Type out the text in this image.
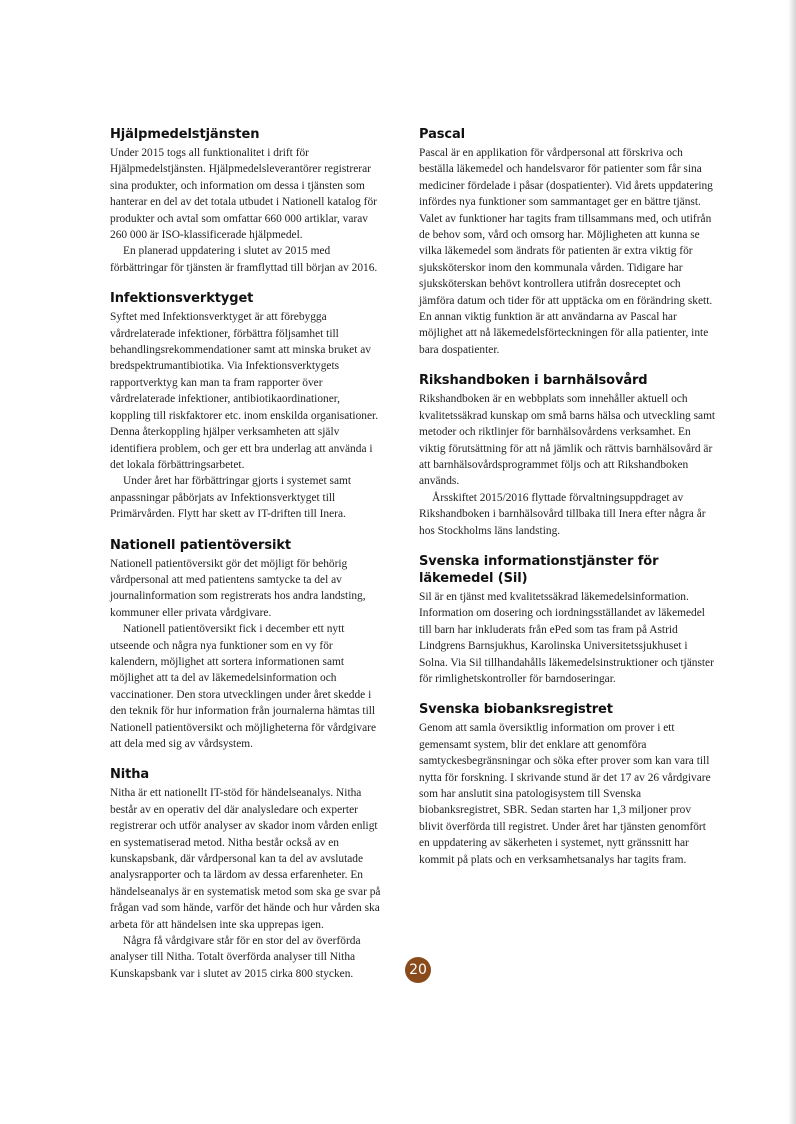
Hjälpmedelstjänsten

Under 2015 togs all funktionalitet i drift för Hjälpmedelstjänsten. Hjälpmedelsleverantörer registrerar sina produkter, och information om dessa i tjänsten som hanterar en del av det totala utbudet i Nationell katalog för produkter och avtal som omfattar 660 000 artiklar, varav 260 000 är ISO-klassificerade hjälpmedel.

En planerad uppdatering i slutet av 2015 med förbättringar för tjänsten är framflyttad till början av 2016.

Infektionsverktyget

Syftet med Infektionsverktyget är att förebygga vårdrelaterade infektioner, förbättra följsamhet till behandlingsrekommendationer samt att minska bruket av bredspektrumantibiotika. Via Infektionsverktygets rapportverktyg kan man ta fram rapporter över vårdrelaterade infektioner, antibiotikaordinationer, koppling till riskfaktorer etc. inom enskilda organisationer. Denna återkoppling hjälper verksamheten att själv identifiera problem, och ger ett bra underlag att använda i det lokala förbättringsarbetet.

Under året har förbättringar gjorts i systemet samt anpassningar påbörjats av Infektionsverktyget till Primärvården. Flytt har skett av IT-driften till Inera.

Nationell patientöversikt

Nationell patientöversikt gör det möjligt för behörig vårdpersonal att med patientens samtycke ta del av journalinformation som registrerats hos andra landsting, kommuner eller privata vårdgivare.

Nationell patientöversikt fick i december ett nytt utseende och några nya funktioner som en vy för kalendern, möjlighet att sortera informationen samt möjlighet att ta del av läkemedelsinformation och vaccinationer. Den stora utvecklingen under året skedde i den teknik för hur information från journalerna hämtas till Nationell patientöversikt och möjligheterna för vårdgivare att dela med sig av vårdsystem.

Nitha

Nitha är ett nationellt IT-stöd för händelseanalys. Nitha består av en operativ del där analysledare och experter registrerar och utför analyser av skador inom vården enligt en systematiserad metod. Nitha består också av en kunskapsbank, där vårdpersonal kan ta del av avslutade analysrapporter och ta lärdom av dessa erfarenheter. En händelseanalys är en systematisk metod som ska ge svar på frågan vad som hände, varför det hände och hur vården ska arbeta för att händelsen inte ska upprepas igen.

Några få vårdgivare står för en stor del av överförda analyser till Nitha. Totalt överförda analyser till Nitha Kunskapsbank var i slutet av 2015 cirka 800 stycken.

Pascal

Pascal är en applikation för vårdpersonal att förskriva och beställa läkemedel och handelsvaror för patienter som får sina mediciner fördelade i påsar (dospatienter). Vid årets uppdatering infördes nya funktioner som sammantaget ger en bättre tjänst. Valet av funktioner har tagits fram tillsammans med, och utifrån de behov som, vård och omsorg har. Möjligheten att kunna se vilka läkemedel som ändrats för patienten är extra viktig för sjuksköterskor inom den kommunala vården. Tidigare har sjuksköterskan behövt kontrollera utifrån dosreceptet och jämföra datum och tider för att upptäcka om en förändring skett. En annan viktig funktion är att användarna av Pascal har möjlighet att nå läkemedelsförteckningen för alla patienter, inte bara dospatienter.

Rikshandboken i barnhälsovård

Rikshandboken är en webbplats som innehåller aktuell och kvalitetssäkrad kunskap om små barns hälsa och utveckling samt metoder och riktlinjer för barnhälsovårdens verksamhet. En viktig förutsättning för att nå jämlik och rättvis barnhälsovård är att barnhälsovårdsprogrammet följs och att Rikshandboken används.

Årsskiftet 2015/2016 flyttade förvaltningsuppdraget av Rikshandboken i barnhälsovård tillbaka till Inera efter några år hos Stockholms läns landsting.

Svenska informationstjänster för läkemedel (Sil)

Sil är en tjänst med kvalitetssäkrad läkemedelsinformation. Information om dosering och iordningsställandet av läkemedel till barn har inkluderats från ePed som tas fram på Astrid Lindgrens Barnsjukhus, Karolinska Universitetssjukhuset i Solna. Via Sil tillhandahålls läkemedelsinstruktioner och tjänster för rimlighetskontroller för barndoseringar.

Svenska biobanksregistret

Genom att samla översiktlig information om prover i ett gemensamt system, blir det enklare att genomföra samtyckesbegränsningar och söka efter prover som kan vara till nytta för forskning. I skrivande stund är det 17 av 26 vårdgivare som har anslutit sina patologisystem till Svenska biobanksregistret, SBR. Sedan starten har 1,3 miljoner prov blivit överförda till registret. Under året har tjänsten genomfört en uppdatering av säkerheten i systemet, nytt gränssnitt har kommit på plats och en verksamhetsanalys har tagits fram.

20
